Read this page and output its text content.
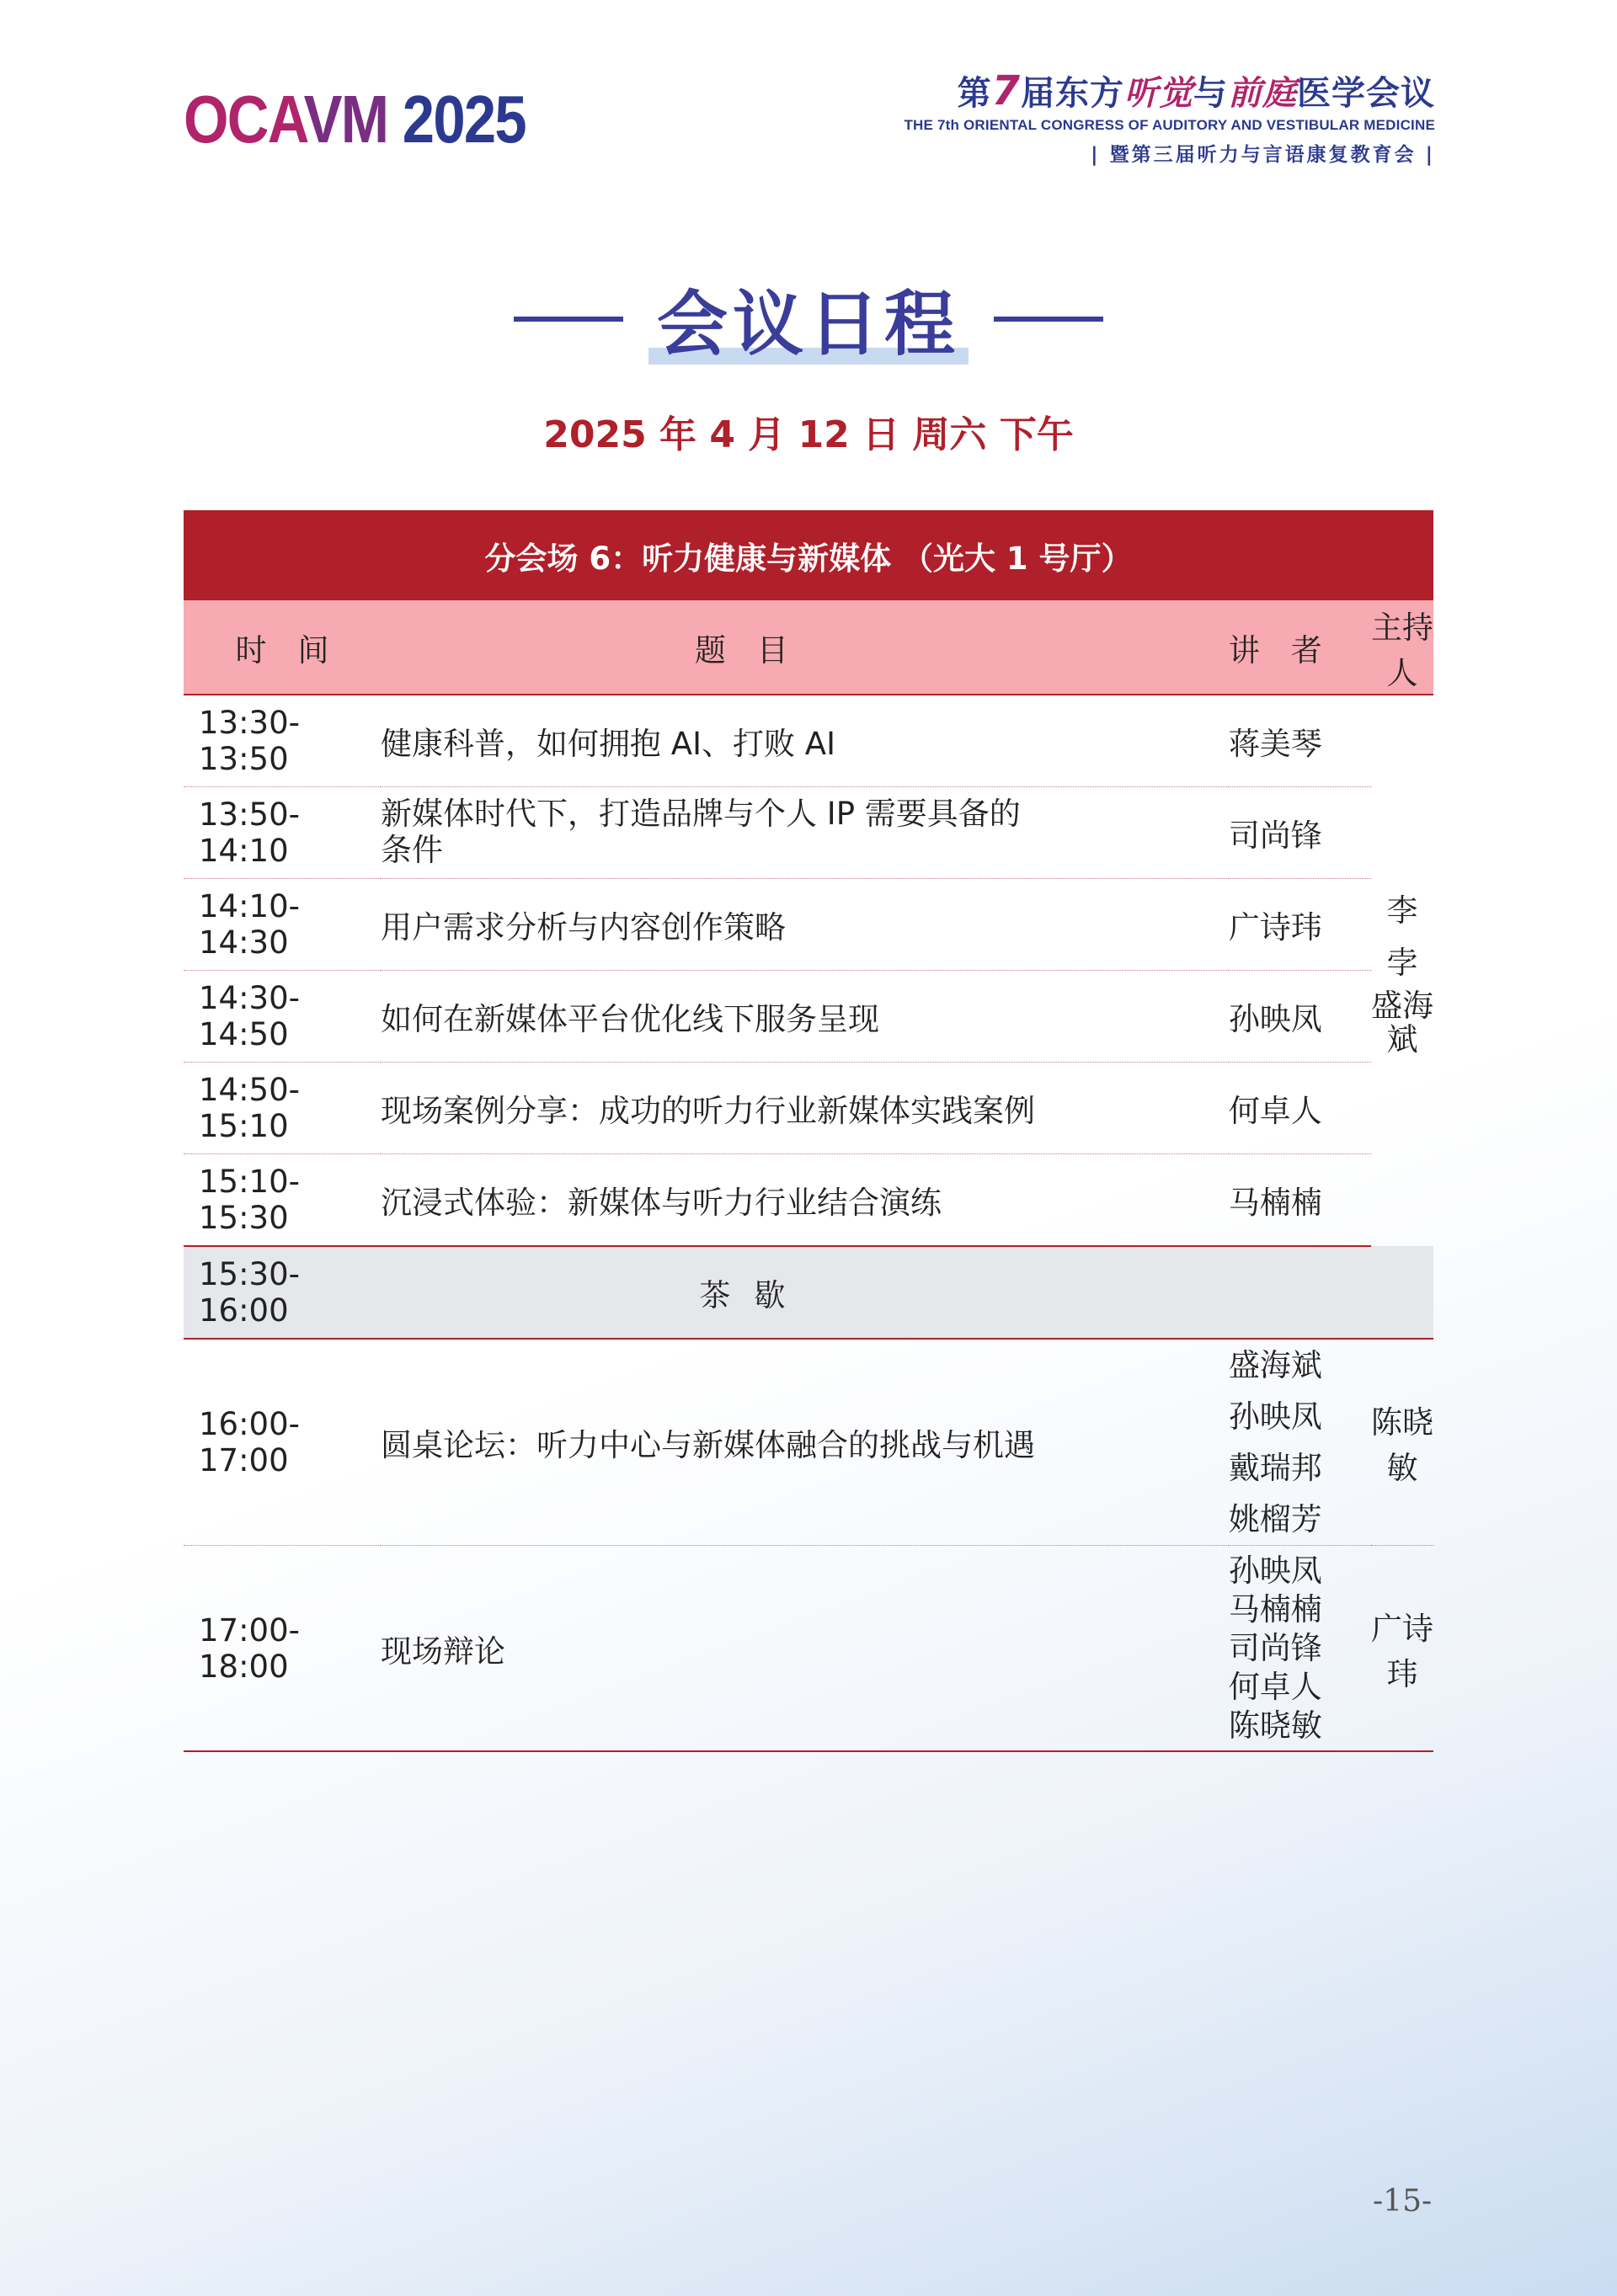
OCAVM 2025	第7届东方听觉与前庭医学会议
THE 7th ORIENTAL CONGRESS OF AUDITORY AND VESTIBULAR MEDICINE
| 暨第三届听力与言语康复教育会 |
会议日程
2025 年 4 月 12 日 周六 下午
分会场 6：听力健康与新媒体 （光大 1 号厅）			
时　间	题　目	讲　者	主持人
13:30-13:50	健康科普，如何拥抱 AI、打败 AI	蒋美琴	李　孛
盛海斌

13:50-14:10	新媒体时代下，打造品牌与个人 IP 需要具备的条件	司尚锋	
14:10-14:30	用户需求分析与内容创作策略	广诗玮	
14:30-14:50	如何在新媒体平台优化线下服务呈现	孙映凤	
14:50-15:10	现场案例分享：成功的听力行业新媒体实践案例	何卓人	
15:10-15:30	沉浸式体验：新媒体与听力行业结合演练	马楠楠	
15:30-16:00	茶歇		
16:00-17:00	圆桌论坛：听力中心与新媒体融合的挑战与机遇	盛海斌
孙映凤
戴瑞邦
姚榴芳	陈晓敏
17:00-18:00	现场辩论	孙映凤
马楠楠
司尚锋
何卓人
陈晓敏	广诗玮
-15-
